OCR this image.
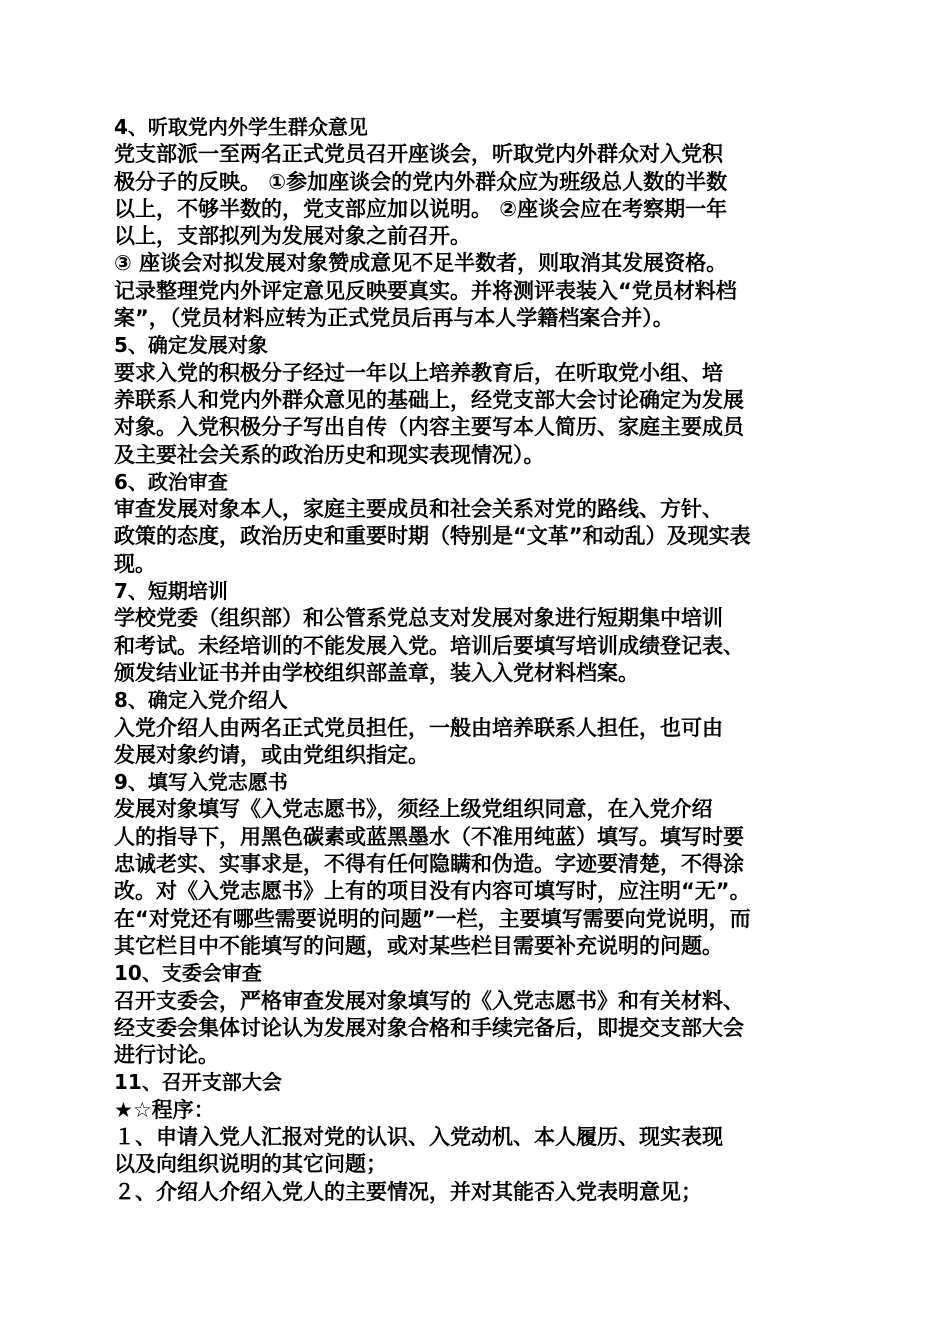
4、听取党内外学生群众意见
党支部派一至两名正式党员召开座谈会，听取党内外群众对入党积
极分子的反映。 ①参加座谈会的党内外群众应为班级总人数的半数
以上，不够半数的，党支部应加以说明。 ②座谈会应在考察期一年
以上，支部拟列为发展对象之前召开。
③ 座谈会对拟发展对象赞成意见不足半数者，则取消其发展资格。
记录整理党内外评定意见反映要真实。并将测评表装入“党员材料档
案”，（党员材料应转为正式党员后再与本人学籍档案合并）。
5、确定发展对象
要求入党的积极分子经过一年以上培养教育后，在听取党小组、培
养联系人和党内外群众意见的基础上，经党支部大会讨论确定为发展
对象。入党积极分子写出自传（内容主要写本人简历、家庭主要成员
及主要社会关系的政治历史和现实表现情况）。
6、政治审查
审查发展对象本人，家庭主要成员和社会关系对党的路线、方针、
政策的态度，政治历史和重要时期（特别是“文革”和动乱）及现实表
现。
7、短期培训
学校党委（组织部）和公管系党总支对发展对象进行短期集中培训
和考试。未经培训的不能发展入党。培训后要填写培训成绩登记表、
颁发结业证书并由学校组织部盖章，装入入党材料档案。
8、确定入党介绍人
入党介绍人由两名正式党员担任，一般由培养联系人担任，也可由
发展对象约请，或由党组织指定。
9、填写入党志愿书
发展对象填写《入党志愿书》，须经上级党组织同意，在入党介绍
人的指导下，用黑色碳素或蓝黑墨水（不准用纯蓝）填写。填写时要
忠诚老实、实事求是，不得有任何隐瞒和伪造。字迹要清楚，不得涂
改。对《入党志愿书》上有的项目没有内容可填写时，应注明“无”。
在“对党还有哪些需要说明的问题”一栏，主要填写需要向党说明，而
其它栏目中不能填写的问题，或对某些栏目需要补充说明的问题。
10、支委会审查
召开支委会，严格审查发展对象填写的《入党志愿书》和有关材料、
经支委会集体讨论认为发展对象合格和手续完备后，即提交支部大会
进行讨论。
11、召开支部大会
★☆程序：
１、申请入党人汇报对党的认识、入党动机、本人履历、现实表现
以及向组织说明的其它问题；
２、介绍人介绍入党人的主要情况，并对其能否入党表明意见；
